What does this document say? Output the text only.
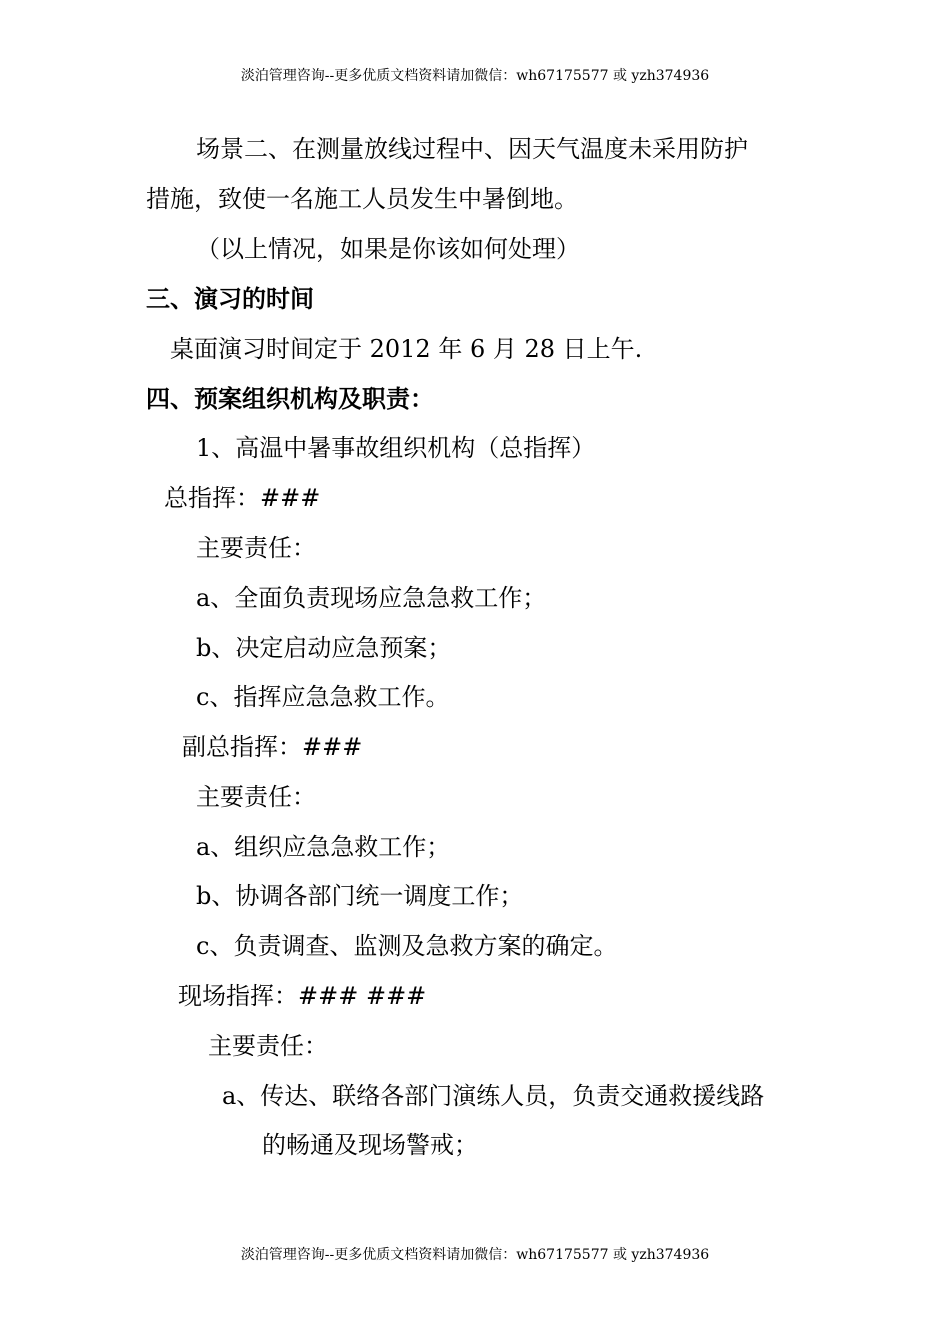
淡泊管理咨询--更多优质文档资料请加微信：wh67175577 或 yzh374936
场景二、在测量放线过程中、因天气温度未采用防护
措施，致使一名施工人员发生中暑倒地。
（以上情况，如果是你该如何处理）
三、演习的时间
桌面演习时间定于 2012 年 6 月 28 日上午.
四、预案组织机构及职责：
1、高温中暑事故组织机构（总指挥）
总指挥：###
主要责任：
a、全面负责现场应急急救工作；
b、决定启动应急预案；
c、指挥应急急救工作。
副总指挥：###
主要责任：
a、组织应急急救工作；
b、协调各部门统一调度工作；
c、负责调查、监测及急救方案的确定。
现场指挥：### ###
主要责任：
a、传达、联络各部门演练人员，负责交通救援线路
的畅通及现场警戒；
淡泊管理咨询--更多优质文档资料请加微信：wh67175577 或 yzh374936
